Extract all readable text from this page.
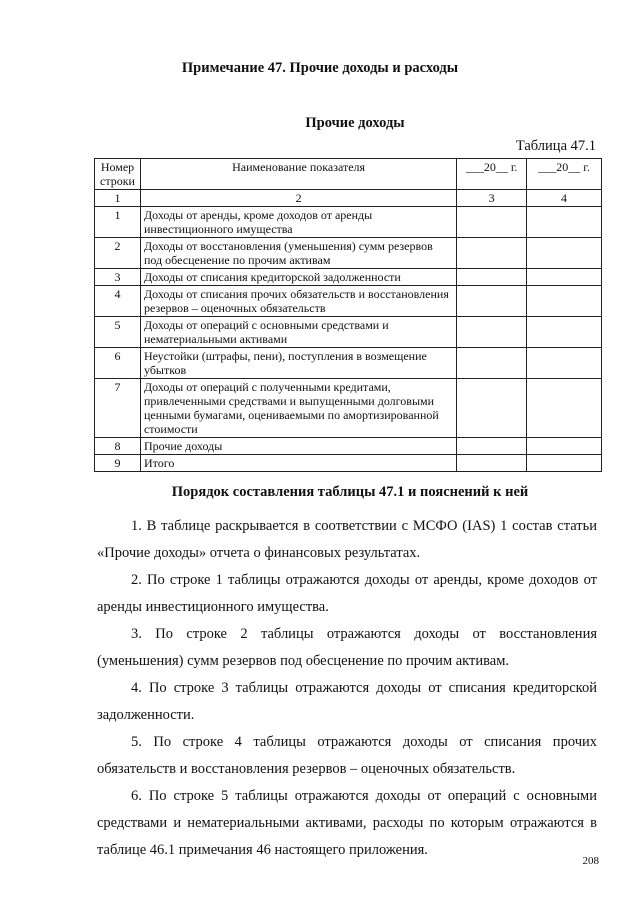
Примечание 47. Прочие доходы и расходы
Прочие доходы
Таблица 47.1
Номер строки	Наименование показателя	___20__ г.	___20__ г.
1	2	3	4
1	Доходы от аренды, кроме доходов от аренды инвестиционного имущества		
2	Доходы от восстановления (уменьшения) сумм резервов под обесценение по прочим активам		
3	Доходы от списания кредиторской задолженности		
4	Доходы от списания прочих обязательств и восстановления резервов – оценочных обязательств		
5	Доходы от операций с основными средствами и нематериальными активами		
6	Неустойки (штрафы, пени), поступления в возмещение убытков		
7	Доходы от операций с полученными кредитами, привлеченными средствами и выпущенными долговыми ценными бумагами, оцениваемыми по амортизированной стоимости		
8	Прочие доходы		
9	Итого		
Порядок составления таблицы 47.1 и пояснений к ней

1. В таблице раскрывается в соответствии с МСФО (IAS) 1 состав статьи «Прочие доходы» отчета о финансовых результатах.

2. По строке 1 таблицы отражаются доходы от аренды, кроме доходов от аренды инвестиционного имущества.

3. По строке 2 таблицы отражаются доходы от восстановления (уменьшения) сумм резервов под обесценение по прочим активам.

4. По строке 3 таблицы отражаются доходы от списания кредиторской задолженности.

5. По строке 4 таблицы отражаются доходы от списания прочих обязательств и восстановления резервов – оценочных обязательств.

6. По строке 5 таблицы отражаются доходы от операций с основными средствами и нематериальными активами, расходы по которым отражаются в таблице 46.1 примечания 46 настоящего приложения.

208
